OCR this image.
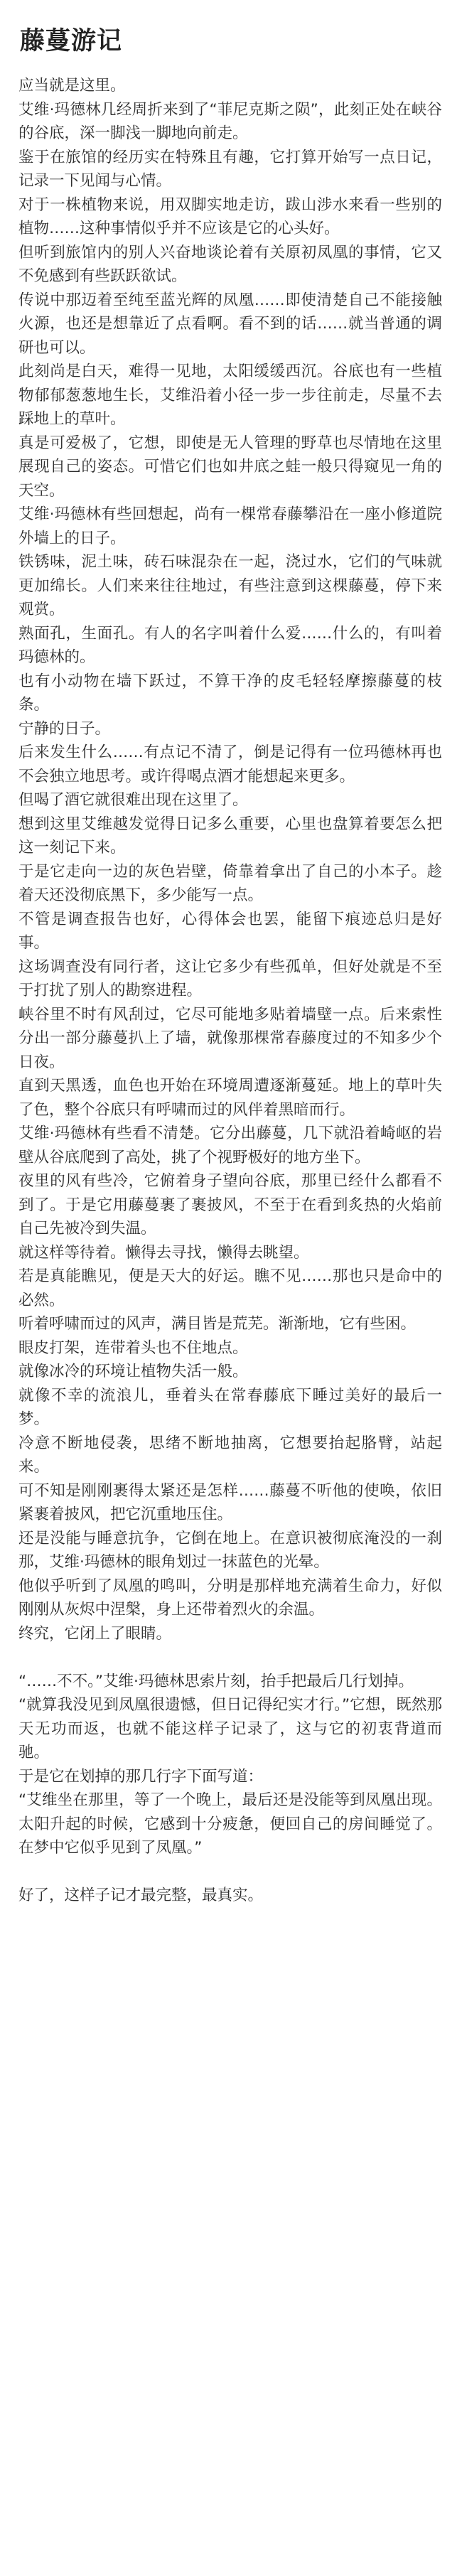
藤蔓游记

应当就是这里。

艾维·玛德林几经周折来到了“菲尼克斯之陨”，此刻正处在峡谷的谷底，深一脚浅一脚地向前走。

鉴于在旅馆的经历实在特殊且有趣，它打算开始写一点日记，记录一下见闻与心情。

对于一株植物来说，用双脚实地走访，跋山涉水来看一些别的植物……这种事情似乎并不应该是它的心头好。

但听到旅馆内的别人兴奋地谈论着有关原初凤凰的事情，它又不免感到有些跃跃欲试。

传说中那迈着至纯至蓝光辉的凤凰……即使清楚自己不能接触火源，也还是想靠近了点看啊。看不到的话……就当普通的调研也可以。

此刻尚是白天，难得一见地，太阳缓缓西沉。谷底也有一些植物郁郁葱葱地生长，艾维沿着小径一步一步往前走，尽量不去踩地上的草叶。

真是可爱极了，它想，即使是无人管理的野草也尽情地在这里展现自己的姿态。可惜它们也如井底之蛙一般只得窥见一角的天空。

艾维·玛德林有些回想起，尚有一棵常春藤攀沿在一座小修道院外墙上的日子。

铁锈味，泥土味，砖石味混杂在一起，浇过水，它们的气味就更加绵长。人们来来往往地过，有些注意到这棵藤蔓，停下来观赏。

熟面孔，生面孔。有人的名字叫着什么爱……什么的，有叫着玛德林的。

也有小动物在墙下跃过，不算干净的皮毛轻轻摩擦藤蔓的枝条。

宁静的日子。

后来发生什么……有点记不清了，倒是记得有一位玛德林再也不会独立地思考。或许得喝点酒才能想起来更多。

但喝了酒它就很难出现在这里了。

想到这里艾维越发觉得日记多么重要，心里也盘算着要怎么把这一刻记下来。

于是它走向一边的灰色岩壁，倚靠着拿出了自己的小本子。趁着天还没彻底黑下，多少能写一点。

不管是调查报告也好，心得体会也罢，能留下痕迹总归是好事。

这场调查没有同行者，这让它多少有些孤单，但好处就是不至于打扰了别人的勘察进程。

峡谷里不时有风刮过，它尽可能地多贴着墙壁一点。后来索性分出一部分藤蔓扒上了墙，就像那棵常春藤度过的不知多少个日夜。

直到天黑透，血色也开始在环境周遭逐渐蔓延。地上的草叶失了色，整个谷底只有呼啸而过的风伴着黑暗而行。

艾维·玛德林有些看不清楚。它分出藤蔓，几下就沿着崎岖的岩壁从谷底爬到了高处，挑了个视野极好的地方坐下。

夜里的风有些冷，它俯着身子望向谷底，那里已经什么都看不到了。于是它用藤蔓裹了裹披风，不至于在看到炙热的火焰前自己先被冷到失温。

就这样等待着。懒得去寻找，懒得去眺望。

若是真能瞧见，便是天大的好运。瞧不见……那也只是命中的必然。

听着呼啸而过的风声，满目皆是荒芜。渐渐地，它有些困。

眼皮打架，连带着头也不住地点。

就像冰冷的环境让植物失活一般。

就像不幸的流浪儿，垂着头在常春藤底下睡过美好的最后一梦。

冷意不断地侵袭，思绪不断地抽离，它想要抬起胳臂，站起来。

可不知是刚刚裹得太紧还是怎样……藤蔓不听他的使唤，依旧紧裹着披风，把它沉重地压住。

还是没能与睡意抗争，它倒在地上。在意识被彻底淹没的一刹那，艾维·玛德林的眼角划过一抹蓝色的光晕。

他似乎听到了凤凰的鸣叫，分明是那样地充满着生命力，好似刚刚从灰烬中涅槃，身上还带着烈火的余温。

终究，它闭上了眼睛。

“……不不。”艾维·玛德林思索片刻，抬手把最后几行划掉。

“就算我没见到凤凰很遗憾，但日记得纪实才行。”它想，既然那天无功而返，也就不能这样子记录了，这与它的初衷背道而驰。

于是它在划掉的那几行字下面写道：

“艾维坐在那里，等了一个晚上，最后还是没能等到凤凰出现。太阳升起的时候，它感到十分疲惫，便回自己的房间睡觉了。在梦中它似乎见到了凤凰。”

好了，这样子记才最完整，最真实。
